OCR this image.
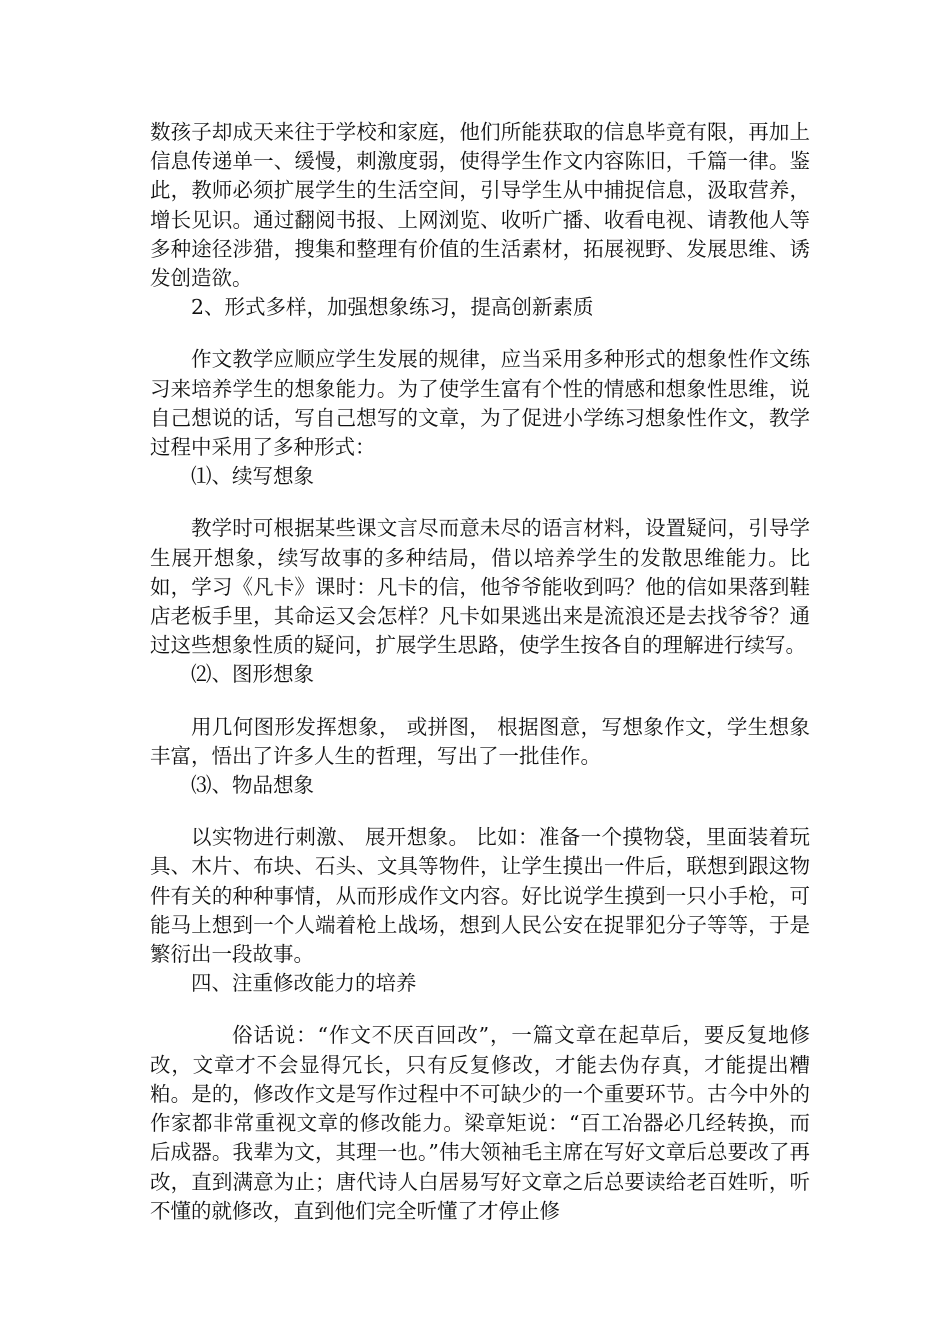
数孩子却成天来往于学校和家庭，他们所能获取的信息毕竟有限，再加上信息传递单一、缓慢，刺激度弱，使得学生作文内容陈旧，千篇一律。鉴此，教师必须扩展学生的生活空间，引导学生从中捕捉信息，汲取营养，增长见识。通过翻阅书报、上网浏览、收听广播、收看电视、请教他人等多种途径涉猎，搜集和整理有价值的生活素材，拓展视野、发展思维、诱发创造欲。

2、形式多样，加强想象练习，提高创新素质

作文教学应顺应学生发展的规律，应当采用多种形式的想象性作文练习来培养学生的想象能力。为了使学生富有个性的情感和想象性思维，说自己想说的话，写自己想写的文章，为了促进小学练习想象性作文，教学过程中采用了多种形式：

⑴、续写想象

教学时可根据某些课文言尽而意未尽的语言材料，设置疑问，引导学生展开想象，续写故事的多种结局，借以培养学生的发散思维能力。比如，学习《凡卡》课时：凡卡的信，他爷爷能收到吗？他的信如果落到鞋店老板手里，其命运又会怎样？凡卡如果逃出来是流浪还是去找爷爷？通过这些想象性质的疑问，扩展学生思路，使学生按各自的理解进行续写。

⑵、图形想象

用几何图形发挥想象， 或拼图， 根据图意，写想象作文，学生想象丰富，悟出了许多人生的哲理，写出了一批佳作。

⑶、物品想象

以实物进行刺激、 展开想象。 比如：准备一个摸物袋，里面装着玩具、木片、布块、石头、文具等物件，让学生摸出一件后，联想到跟这物件有关的种种事情，从而形成作文内容。好比说学生摸到一只小手枪，可能马上想到一个人端着枪上战场，想到人民公安在捉罪犯分子等等，于是繁衍出一段故事。

四、注重修改能力的培养

俗话说：“作文不厌百回改”，一篇文章在起草后，要反复地修改，文章才不会显得冗长，只有反复修改，才能去伪存真，才能提出糟粕。是的，修改作文是写作过程中不可缺少的一个重要环节。古今中外的作家都非常重视文章的修改能力。梁章矩说：“百工冶器必几经转换，而后成器。我辈为文，其理一也。”伟大领袖毛主席在写好文章后总要改了再改，直到满意为止；唐代诗人白居易写好文章之后总要读给老百姓听，听不懂的就修改，直到他们完全听懂了才停止修
